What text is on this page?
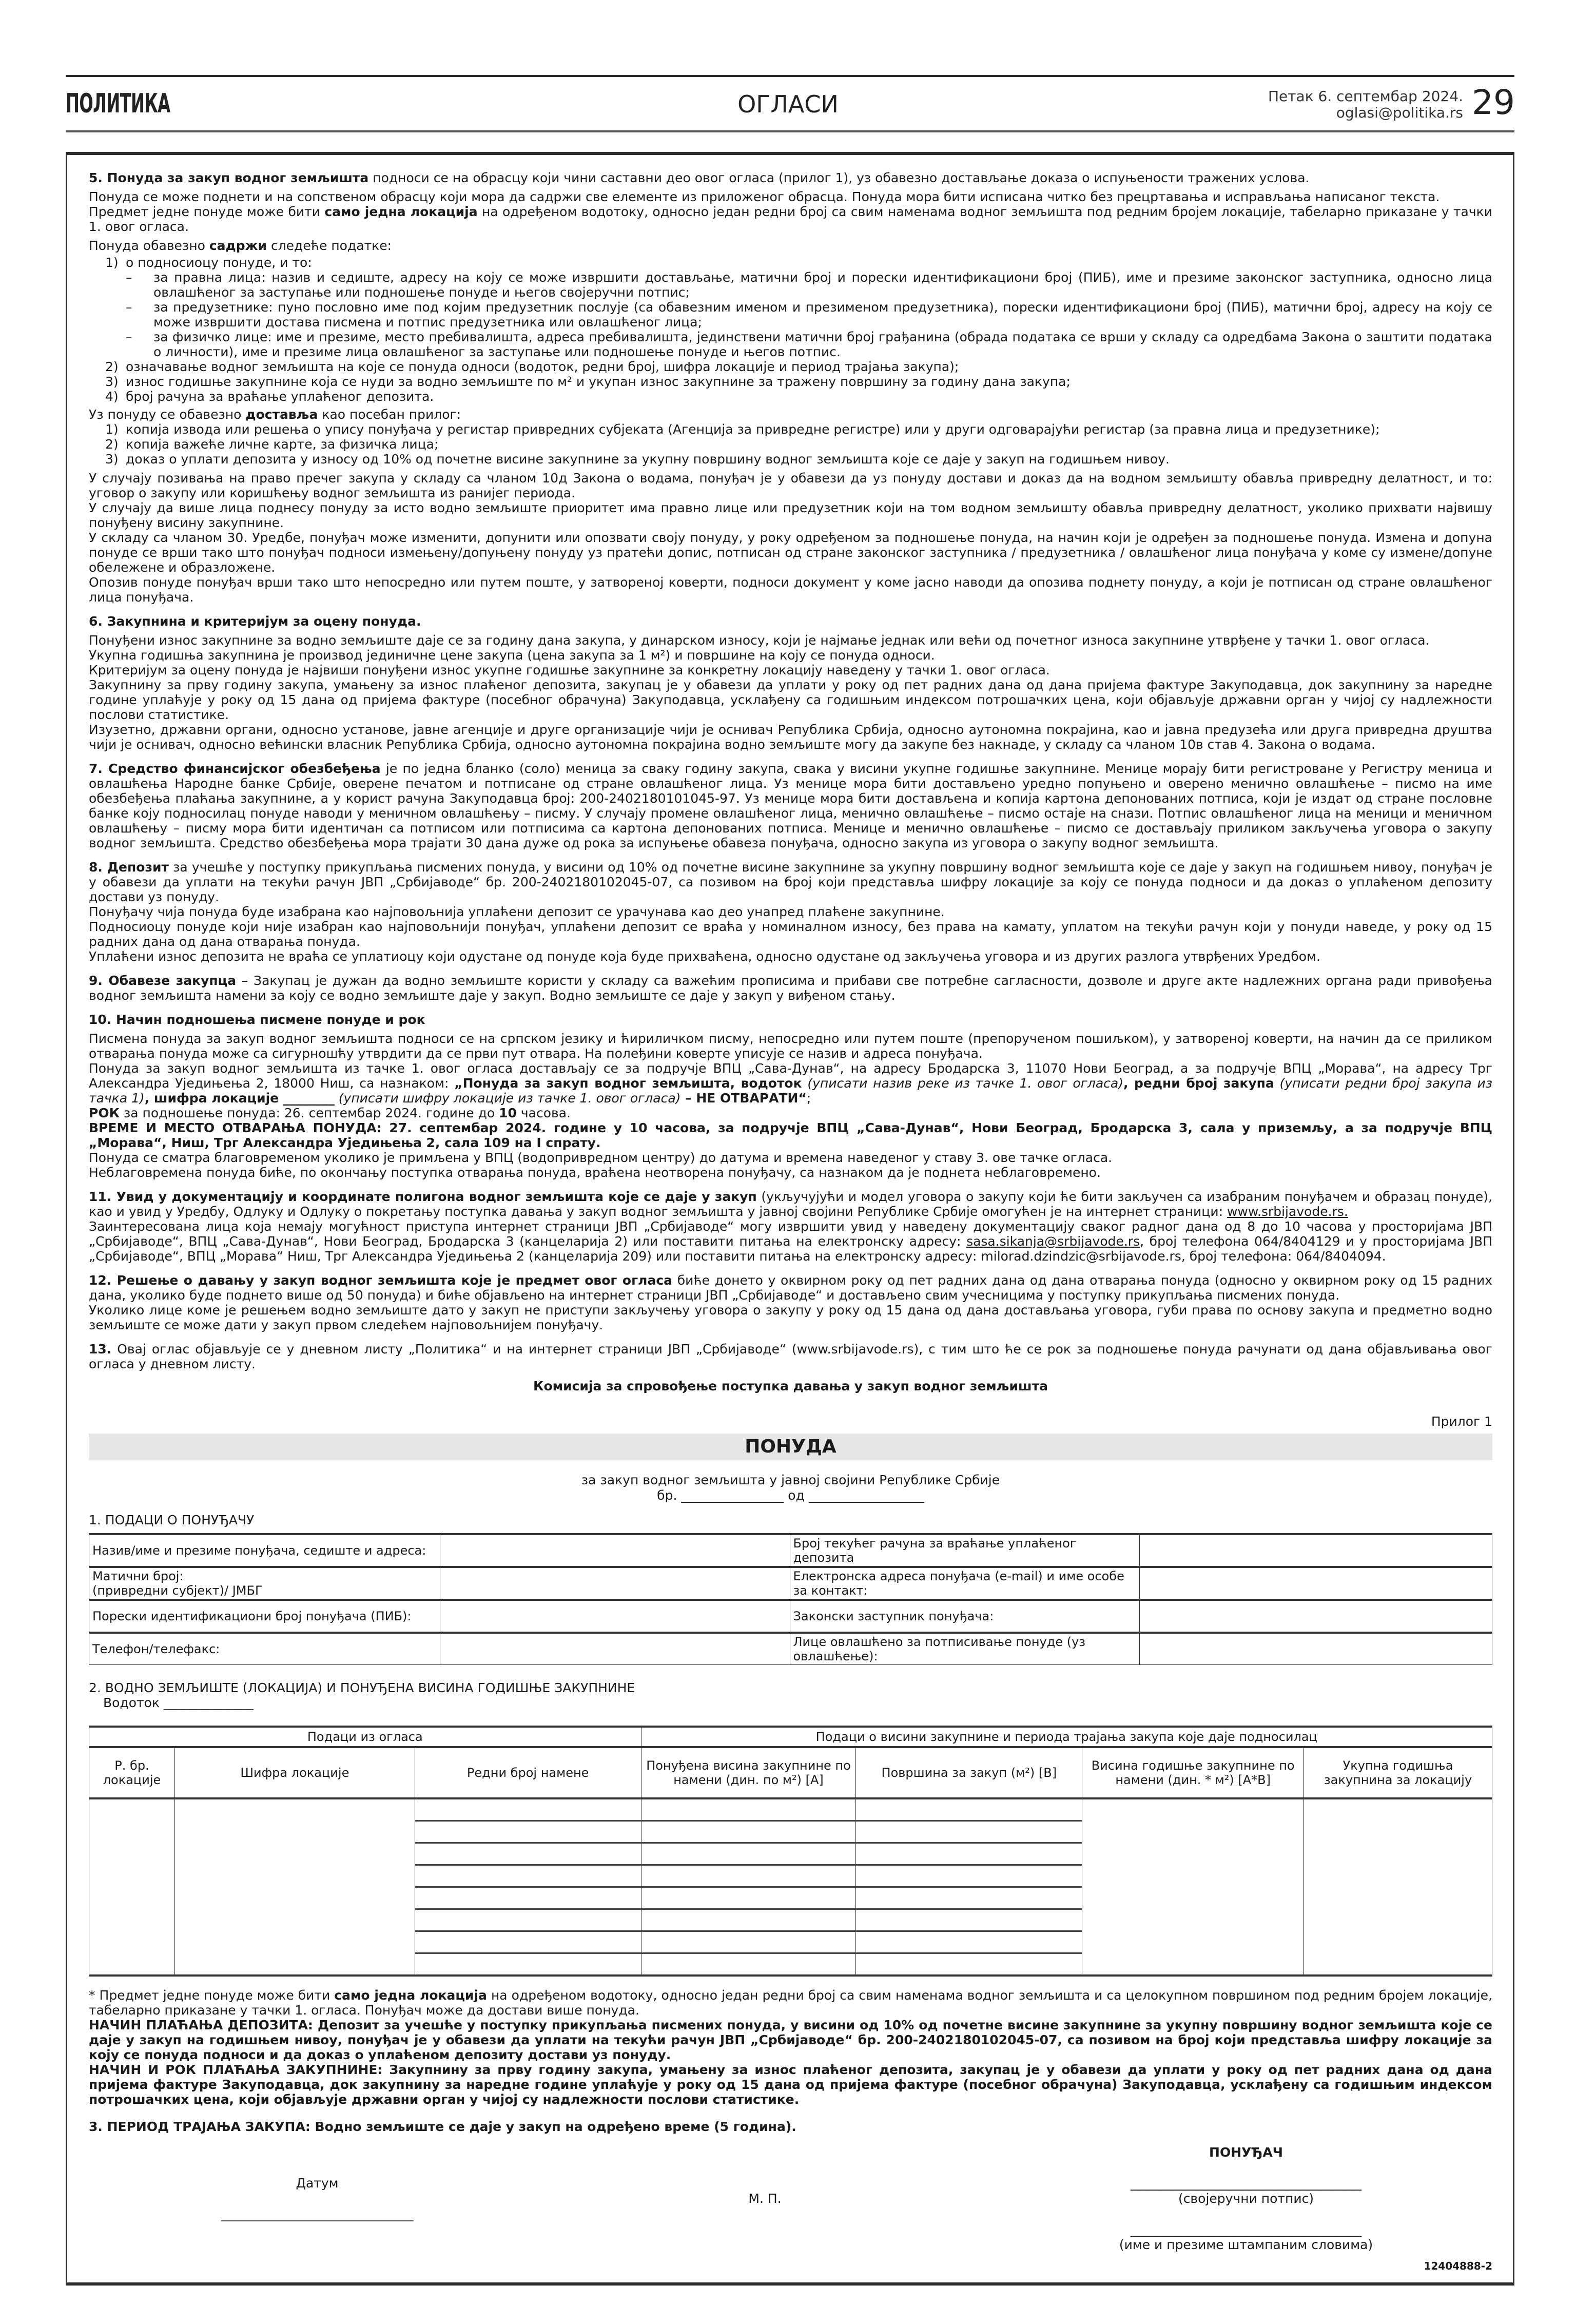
ПОЛИТИКА	ОГЛАСИ	Петак 6. септембар 2024.
oglasi@politika.rs 29

5. Понуда за закуп водног земљишта подноси се на обрасцу који чини саставни део овог огласа (прилог 1), уз обавезно достављање доказа о испуњености тражених услова.

Понуда се може поднети и на сопственом обрасцу који мора да садржи све елементе из приложеног обрасца. Понуда мора бити исписана читко без прецртавања и исправљања написаног текста.

Предмет једне понуде може бити само једна локација на одређеном водотоку, односно један редни број са свим наменама водног земљишта под редним бројем локације, табеларно приказане у тачки 1. овог огласа.

Понуда обавезно садржи следеће податке:

1) о подносиоцу понуде, и то:
–	за правна лица: назив и седиште, адресу на коју се може извршити достављање, матични број и порески идентификациони број (ПИБ), име и презиме законског заступника, односно лица овлашћеног за заступање или подношење понуде и његов својеручни потпис;
–	за предузетнике: пуно пословно име под којим предузетник послује (са обавезним именом и презименом предузетника), порески идентификациони број (ПИБ), матични број, адресу на коју се може извршити достава писмена и потпис предузетника или овлашћеног лица;
–	за физичко лице: име и презиме, место пребивалишта, адреса пребивалишта, јединствени матични број грађанина (обрада података се врши у складу са одредбама Закона о заштити података о личности), име и презиме лица овлашћеног за заступање или подношење понуде и његов потпис.
2) означавање водног земљишта на које се понуда односи (водоток, редни број, шифра локације и период трајања закупа);
3) износ годишње закупнине која се нуди за водно земљиште по м² и укупан износ закупнине за тражену површину за годину дана закупа;
4) број рачуна за враћање уплаћеног депозита.

Уз понуду се обавезно доставља као посебан прилог:

1) копија извода или решења о упису понуђача у регистар привредних субјеката (Агенција за привредне регистре) или у други одговарајући регистар (за правна лица и предузетнике);
2) копија важеће личне карте, за физичка лица;
3) доказ о уплати депозита у износу од 10% од почетне висине закупнине за укупну површину водног земљишта које се даје у закуп на годишњем нивоу.

У случају позивања на право пречег закупа у складу са чланом 10д Закона о водама, понуђач је у обавези да уз понуду достави и доказ да на водном земљишту обавља привредну делатност, и то: уговор о закупу или коришћењу водног земљишта из ранијег периода.

У случају да више лица поднесу понуду за исто водно земљиште приоритет има правно лице или предузетник који на том водном земљишту обавља привредну делатност, уколико прихвати највишу понуђену висину закупнине.

У складу са чланом 30. Уредбе, понуђач може изменити, допунити или опозвати своју понуду, у року одређеном за подношење понуда, на начин који је одређен за подношење понуда. Измена и допуна понуде се врши тако што понуђач подноси измењену/допуњену понуду уз пратећи допис, потписан од стране законског заступника / предузетника / овлашћеног лица понуђача у коме су измене/допуне обележене и образложене.

Опозив понуде понуђач врши тако што непосредно или путем поште, у затвореној коверти, подноси документ у коме јасно наводи да опозива поднету понуду, а који је потписан од стране овлашћеног лица понуђача.

6. Закупнина и критеријум за оцену понуда.

Понуђени износ закупнине за водно земљиште даје се за годину дана закупа, у динарском износу, који је најмање једнак или већи од почетног износа закупнине утврђене у тачки 1. овог огласа.

Укупна годишња закупнина је производ јединичне цене закупа (цена закупа за 1 м²) и површине на коју се понуда односи.

Критеријум за оцену понуда је највиши понуђени износ укупне годишње закупнине за конкретну локацију наведену у тачки 1. овог огласа.

Закупнину за прву годину закупа, умањену за износ плаћеног депозита, закупац је у обавези да уплати у року од пет радних дана од дана пријема фактуре Закуподавца, док закупнину за наредне године уплаћује у року од 15 дана од пријема фактуре (посебног обрачуна) Закуподавца, усклађену са годишњим индексом потрошачких цена, који објављује државни орган у чијој су надлежности послови статистике.

Изузетно, државни органи, односно установе, јавне агенције и друге организације чији је оснивач Република Србија, односно аутономна покрајина, као и јавна предузећа или друга привредна друштва чији је оснивач, односно већински власник Република Србија, односно аутономна покрајина водно земљиште могу да закупе без накнаде, у складу са чланом 10в став 4. Закона о водама.

7. Средство финансијског обезбеђења је по једна бланко (соло) меница за сваку годину закупа, свака у висини укупне годишње закупнине. Менице морају бити регистроване у Регистру меница и овлашћења Народне банке Србије, оверене печатом и потписане од стране овлашћеног лица. Уз менице мора бити достављено уредно попуњено и оверено менично овлашћење – писмо на име обезбеђења плаћања закупнине, а у корист рачуна Закуподавца број: 200-2402180101045-97. Уз менице мора бити достављена и копија картона депонованих потписа, који је издат од стране пословне банке коју подносилац понуде наводи у меничном овлашћењу – писму. У случају промене овлашћеног лица, менично овлашћење – писмо остаје на снази. Потпис овлашћеног лица на меници и меничном овлашћењу – писму мора бити идентичан са потписом или потписима са картона депонованих потписа. Менице и менично овлашћење – писмо се достављају приликом закључења уговора о закупу водног земљишта. Средство обезбеђења мора трајати 30 дана дуже од рока за испуњење обавеза понуђача, односно закупа из уговора о закупу водног земљишта.

8. Депозит за учешће у поступку прикупљања писмених понуда, у висини од 10% од почетне висине закупнине за укупну површину водног земљишта које се даје у закуп на годишњем нивоу, понуђач је у обавези да уплати на текући рачун ЈВП „Србијаводе“ бр. 200-2402180102045-07, са позивом на број који представља шифру локације за коју се понуда подноси и да доказ о уплаћеном депозиту достави уз понуду.

Понуђачу чија понуда буде изабрана као најповољнија уплаћени депозит се урачунава као део унапред плаћене закупнине.

Подносиоцу понуде који није изабран као најповољнији понуђач, уплаћени депозит се враћа у номиналном износу, без права на камату, уплатом на текући рачун који у понуди наведе, у року од 15 радних дана од дана отварања понуда.

Уплаћени износ депозита не враћа се уплатиоцу који одустане од понуде која буде прихваћена, односно одустане од закључења уговора и из других разлога утврђених Уредбом.

9. Обавезе закупца – Закупац је дужан да водно земљиште користи у складу са важећим прописима и прибави све потребне сагласности, дозволе и друге акте надлежних органа ради привођења водног земљишта намени за коју се водно земљиште даје у закуп. Водно земљиште се даје у закуп у виђеном стању.

10. Начин подношења писмене понуде и рок

Писмена понуда за закуп водног земљишта подноси се на српском језику и ћириличком писму, непосредно или путем поште (препорученом пошиљком), у затвореној коверти, на начин да се приликом отварања понуда може са сигурношћу утврдити да се први пут отвара. На полеђини коверте уписује се назив и адреса понуђача.

Понуда за закуп водног земљишта из тачке 1. овог огласа достављају се за подручје ВПЦ „Сава-Дунав“, на адресу Бродарска 3, 11070 Нови Београд, а за подручје ВПЦ „Морава“, на адресу Трг Александра Уједињења 2, 18000 Ниш, са назнаком: „Понуда за закуп водног земљишта, водоток (уписати назив реке из тачке 1. овог огласа), редни број закупа (уписати редни број закупа из тачка 1), шифра локације ________ (уписати шифру локације из тачке 1. овог огласа) – НЕ ОТВАРАТИ“;

РОК за подношење понуда: 26. септембар 2024. године до 10 часова.

ВРЕМЕ И МЕСТО ОТВАРАЊА ПОНУДА: 27. септембар 2024. године у 10 часова, за подручје ВПЦ „Сава-Дунав“, Нови Београд, Бродарска 3, сала у приземљу, а за подручје ВПЦ „Морава“, Ниш, Трг Александра Уједињења 2, сала 109 на I спрату.

Понуда се сматра благовременом уколико је примљена у ВПЦ (водопривредном центру) до датума и времена наведеног у ставу 3. ове тачке огласа.

Неблаговремена понуда биће, по окончању поступка отварања понуда, враћена неотворена понуђачу, са назнаком да је поднета неблаговремено.

11. Увид у документацију и координате полигона водног земљишта које се даје у закуп (укључујући и модел уговора о закупу који ће бити закључен са изабраним понуђачем и образац понуде), као и увид у Уредбу, Одлуку и Одлуку о покретању поступка давања у закуп водног земљишта у јавној својини Републике Србије омогућен је на интернет страници: www.srbijavode.rs.

Заинтересована лица која немају могућност приступа интернет страници ЈВП „Србијаводе“ могу извршити увид у наведену документацију сваког радног дана од 8 до 10 часова у просторијама ЈВП „Србијаводе“, ВПЦ „Сава-Дунав“, Нови Београд, Бродарска 3 (канцеларија 2) или поставити питања на електронску адресу: sasa.sikanja@srbijavode.rs, број телефона 064/8404129 и у просторијама ЈВП „Србијаводе“, ВПЦ „Морава“ Ниш, Трг Александра Уједињења 2 (канцеларија 209) или поставити питања на електронску адресу: milorad.dzindzic@srbijavode.rs, број телефона: 064/8404094.

12. Решење о давању у закуп водног земљишта које је предмет овог огласа биће донето у оквирном року од пет радних дана од дана отварања понуда (односно у оквирном року од 15 радних дана, уколико буде поднето више од 50 понуда) и биће објављено на интернет страници ЈВП „Србијаводе“ и достављено свим учесницима у поступку прикупљања писмених понуда.

Уколико лице коме је решењем водно земљиште дато у закуп не приступи закључењу уговора о закупу у року од 15 дана од дана достављања уговора, губи права по основу закупа и предметно водно земљиште се може дати у закуп првом следећем најповољнијем понуђачу.

13. Овај оглас објављује се у дневном листу „Политика“ и на интернет страници ЈВП „Србијаводе“ (www.srbijavode.rs), с тим што ће се рок за подношење понуда рачунати од дана објављивања овог огласа у дневном листу.

Комисија за спровођење поступка давања у закуп водног земљишта

Прилог 1
ПОНУДА
за закуп водног земљишта у јавној својини Републике Србије
бр. ________________ од __________________
1. ПОДАЦИ О ПОНУЂАЧУ
Назив/име и презиме понуђача, седиште и адреса:		Број текућег рачуна за враћање уплаћеног депозита	
Матични број:
(привредни субјект)/ ЈМБГ		Електронска адреса понуђача (e-mail) и име особе за контакт:	
Порески идентификациони број понуђача (ПИБ):		Законски заступник понуђача:	
Телефон/телефакс:		Лице овлашћено за потписивање понуде (уз овлашћење):	
2. ВОДНО ЗЕМЉИШТЕ (ЛОКАЦИЈА) И ПОНУЂЕНА ВИСИНА ГОДИШЊЕ ЗАКУПНИНЕ
Водоток ______________
Подаци из огласа			Подаци о висини закупнине и периода трајања закупа које даје подносилац			
Р. бр. локације	Шифра локације	Редни број намене	Понуђена висина закупнине по намени (дин. по м²) [A]	Површина за закуп (м²) [B]	Висина годишње закупнине по намени (дин. * м²) [A*B]	Укупна годишња закупнина за локацију

* Предмет једне понуде може бити само једна локација на одређеном водотоку, односно један редни број са свим наменама водног земљишта и са целокупном површином под редним бројем локације, табеларно приказане у тачки 1. огласа. Понуђач може да достави више понуда.

НАЧИН ПЛАЋАЊА ДЕПОЗИТА: Депозит за учешће у поступку прикупљања писмених понуда, у висини од 10% од почетне висине закупнине за укупну површину водног земљишта које се даје у закуп на годишњем нивоу, понуђач је у обавези да уплати на текући рачун ЈВП „Србијаводе“ бр. 200-2402180102045-07, са позивом на број који представља шифру локације за коју се понуда подноси и да доказ о уплаћеном депозиту достави уз понуду.

НАЧИН И РОК ПЛАЋАЊА ЗАКУПНИНЕ: Закупнину за прву годину закупа, умањену за износ плаћеног депозита, закупац је у обавези да уплати у року од пет радних дана од дана пријема фактуре Закуподавца, док закупнину за наредне године уплаћује у року од 15 дана од пријема фактуре (посебног обрачуна) Закуподавца, усклађену са годишњим индексом потрошачких цена, који објављује државни орган у чијој су надлежности послови статистике.

3. ПЕРИОД ТРАЈАЊА ЗАКУПА: Водно земљиште се даје у закуп на одређено време (5 година).
Датум
______________________________
М. П.
ПОНУЂАЧ
____________________________________
(својеручни потпис)
____________________________________
(име и презиме штампаним словима)
12404888-2
